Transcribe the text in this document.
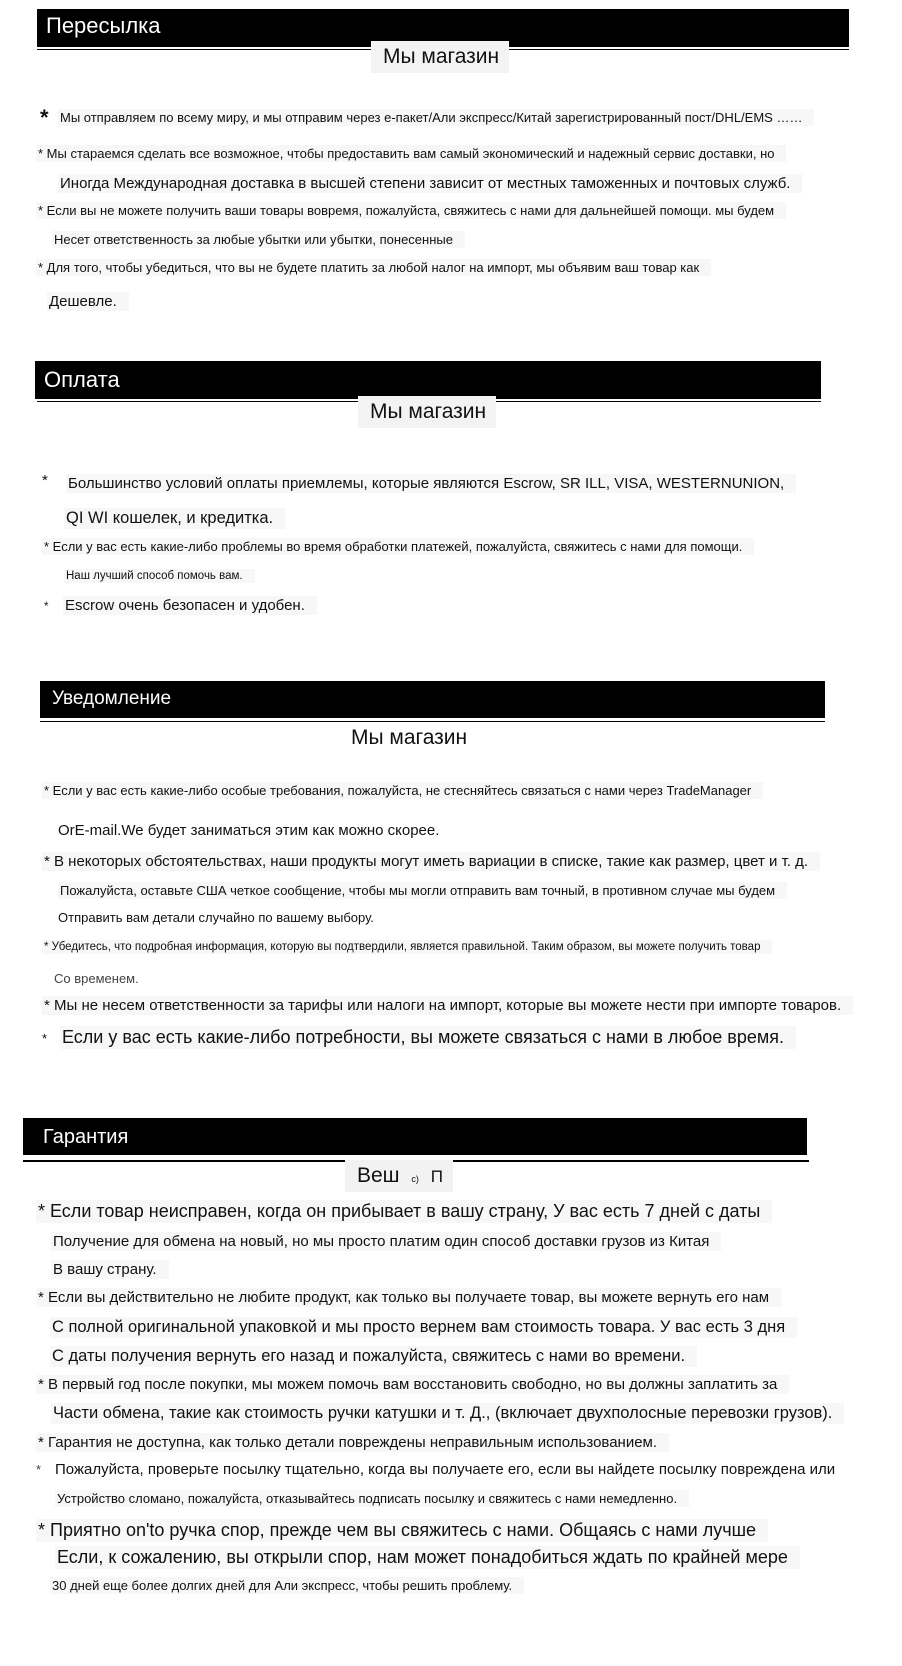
Пересылка
Мы магазин
* Мы отправляем по всему миру, и мы отправим через е-пакет/Али экспресс/Китай зарегистрированный пост/DHL/EMS ……
* Мы стараемся сделать все возможное, чтобы предоставить вам самый экономический и надежный сервис доставки, но
Иногда Международная доставка в высшей степени зависит от местных таможенных и почтовых служб.
* Если вы не можете получить ваши товары вовремя, пожалуйста, свяжитесь с нами для дальнейшей помощи. мы будем
Несет ответственность за любые убытки или убытки, понесенные
* Для того, чтобы убедиться, что вы не будете платить за любой налог на импорт, мы объявим ваш товар как
Дешевле.
Оплата
Мы магазин
* Большинство условий оплаты приемлемы, которые являются Escrow, SR ILL, VISA, WESTERNUNION,
QI WI кошелек, и кредитка.
* Если у вас есть какие-либо проблемы во время обработки платежей, пожалуйста, свяжитесь с нами для помощи.
Наш лучший способ помочь вам.
* Escrow очень безопасен и удобен.
Уведомление
Мы магазин
* Если у вас есть какие-либо особые требования, пожалуйста, не стесняйтесь связаться с нами через TradeManager
OrE-mail.We будет заниматься этим как можно скорее.
* В некоторых обстоятельствах, наши продукты могут иметь вариации в списке, такие как размер, цвет и т. д.
Пожалуйста, оставьте США четкое сообщение, чтобы мы могли отправить вам точный, в противном случае мы будем
Отправить вам детали случайно по вашему выбору.
* Убедитесь, что подробная информация, которую вы подтвердили, является правильной. Таким образом, вы можете получить товар
Со временем.
* Мы не несем ответственности за тарифы или налоги на импорт, которые вы можете нести при импорте товаров.
* Если у вас есть какие-либо потребности, вы можете связаться с нами в любое время.
Гарантия
Веш с) П
* Если товар неисправен, когда он прибывает в вашу страну, У вас есть 7 дней с даты
Получение для обмена на новый, но мы просто платим один способ доставки грузов из Китая
В вашу страну.
* Если вы действительно не любите продукт, как только вы получаете товар, вы можете вернуть его нам
С полной оригинальной упаковкой и мы просто вернем вам стоимость товара. У вас есть 3 дня
С даты получения вернуть его назад и пожалуйста, свяжитесь с нами во времени.
* В первый год после покупки, мы можем помочь вам восстановить свободно, но вы должны заплатить за
Части обмена, такие как стоимость ручки катушки и т. Д., (включает двухполосные перевозки грузов).
* Гарантия не доступна, как только детали повреждены неправильным использованием.
* Пожалуйста, проверьте посылку тщательно, когда вы получаете его, если вы найдете посылку повреждена или
Устройство сломано, пожалуйста, отказывайтесь подписать посылку и свяжитесь с нами немедленно.
* Приятно on'to ручка спор, прежде чем вы свяжитесь с нами. Общаясь с нами лучше
Если, к сожалению, вы открыли спор, нам может понадобиться ждать по крайней мере
30 дней еще более долгих дней для Али экспресс, чтобы решить проблему.
